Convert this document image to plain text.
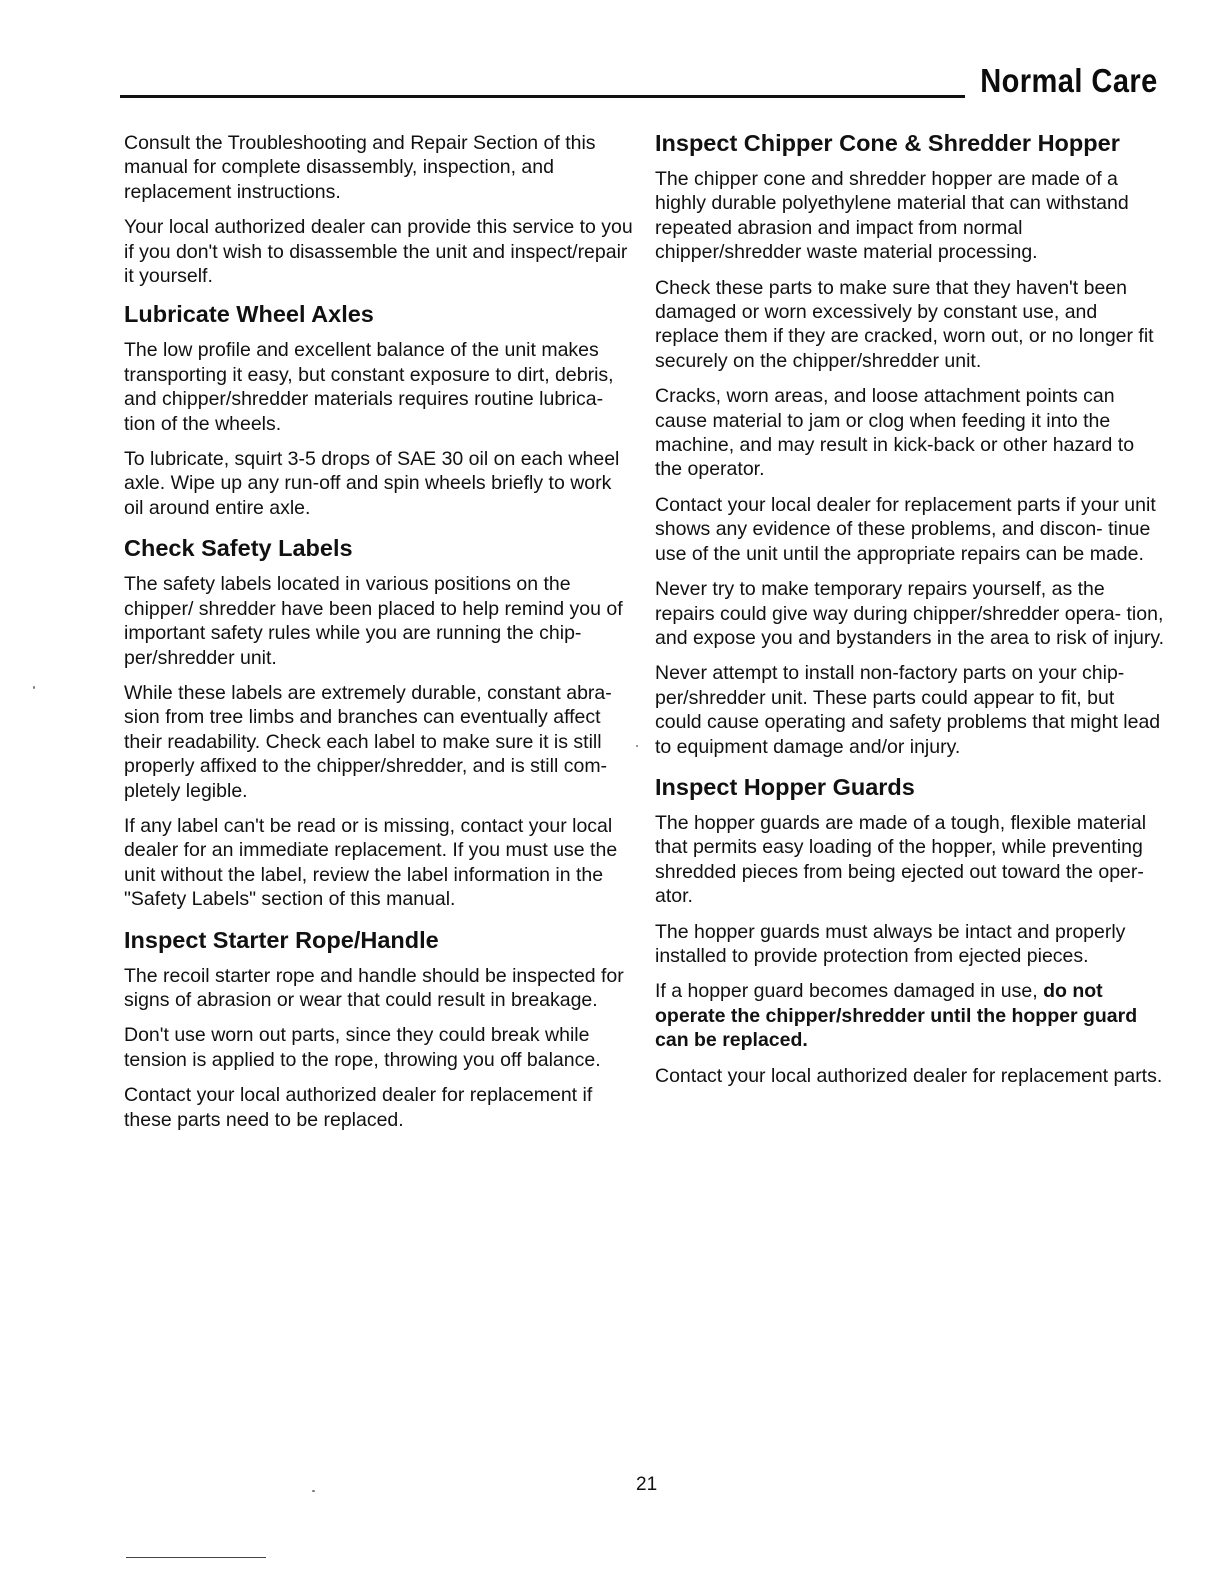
Normal Care

Consult the Troubleshooting and Repair Section of this manual for complete disassembly, inspection, and replacement instructions.

Your local authorized dealer can provide this service to you if you don't wish to disassemble the unit and inspect/repair it yourself.

Lubricate Wheel Axles

The low profile and excellent balance of the unit makes transporting it easy, but constant exposure to dirt, debris, and chipper/shredder materials requires routine lubrica- tion of the wheels.

To lubricate, squirt 3-5 drops of SAE 30 oil on each wheel axle. Wipe up any run-off and spin wheels briefly to work oil around entire axle.

Check Safety Labels

The safety labels located in various positions on the chipper/ shredder have been placed to help remind you of important safety rules while you are running the chip- per/shredder unit.

While these labels are extremely durable, constant abra- sion from tree limbs and branches can eventually affect their readability. Check each label to make sure it is still properly affixed to the chipper/shredder, and is still com- pletely legible.

If any label can't be read or is missing, contact your local dealer for an immediate replacement. If you must use the unit without the label, review the label information in the "Safety Labels" section of this manual.

Inspect Starter Rope/Handle

The recoil starter rope and handle should be inspected for signs of abrasion or wear that could result in breakage.

Don't use worn out parts, since they could break while tension is applied to the rope, throwing you off balance.

Contact your local authorized dealer for replacement if these parts need to be replaced.

Inspect Chipper Cone & Shredder Hopper

The chipper cone and shredder hopper are made of a highly durable polyethylene material that can withstand repeated abrasion and impact from normal chipper/shredder waste material processing.

Check these parts to make sure that they haven't been damaged or worn excessively by constant use, and replace them if they are cracked, worn out, or no longer fit securely on the chipper/shredder unit.

Cracks, worn areas, and loose attachment points can cause material to jam or clog when feeding it into the machine, and may result in kick-back or other hazard to the operator.

Contact your local dealer for replacement parts if your unit shows any evidence of these problems, and discon- tinue use of the unit until the appropriate repairs can be made.

Never try to make temporary repairs yourself, as the repairs could give way during chipper/shredder opera- tion, and expose you and bystanders in the area to risk of injury.

Never attempt to install non-factory parts on your chip- per/shredder unit. These parts could appear to fit, but could cause operating and safety problems that might lead to equipment damage and/or injury.

Inspect Hopper Guards

The hopper guards are made of a tough, flexible material that permits easy loading of the hopper, while preventing shredded pieces from being ejected out toward the oper- ator.

The hopper guards must always be intact and properly installed to provide protection from ejected pieces.

If a hopper guard becomes damaged in use, do not operate the chipper/shredder until the hopper guard can be replaced.

Contact your local authorized dealer for replacement parts.

21
